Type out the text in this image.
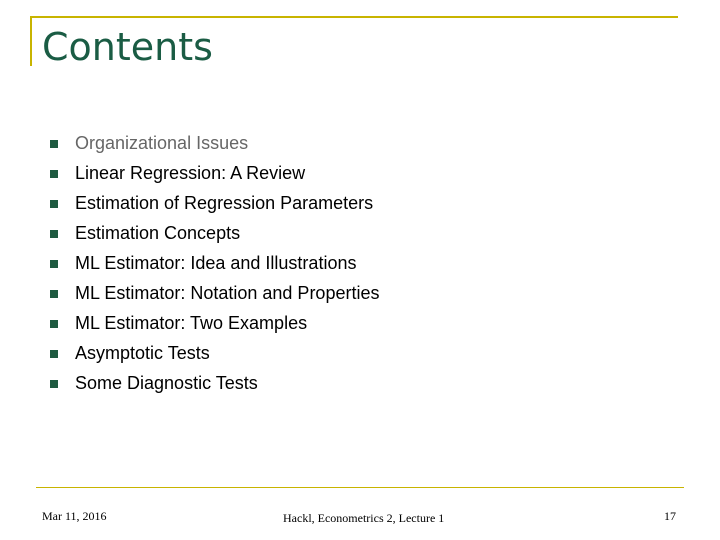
Contents
Organizational Issues
Linear Regression: A Review
Estimation of Regression Parameters
Estimation Concepts
ML Estimator: Idea and Illustrations
ML Estimator: Notation and Properties
ML Estimator: Two Examples
Asymptotic Tests
Some Diagnostic Tests
Mar 11, 2016	Hackl, Econometrics 2, Lecture 1	17
